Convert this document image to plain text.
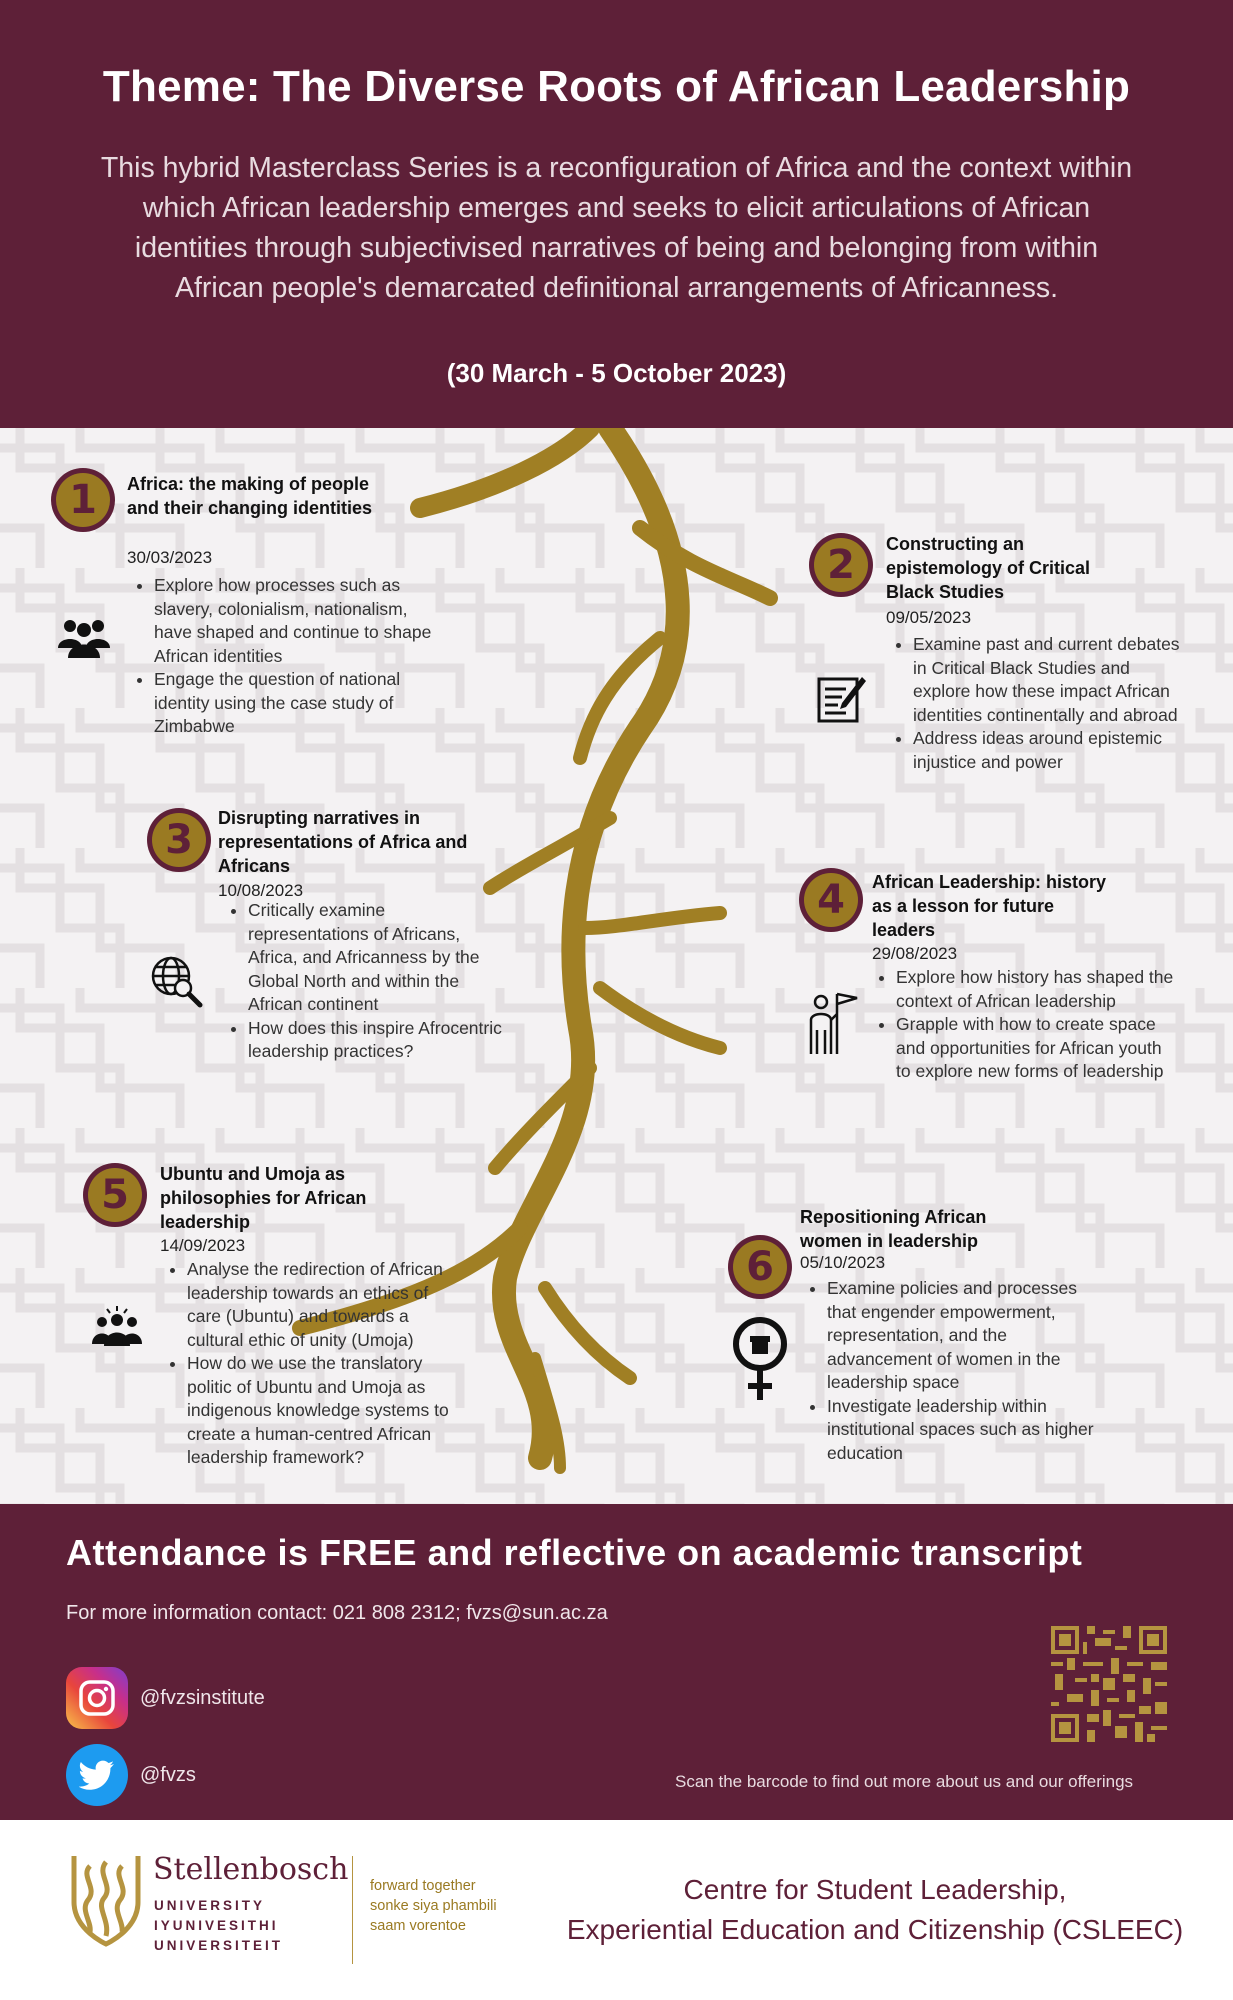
Theme: The Diverse Roots of African Leadership

This hybrid Masterclass Series is a reconfiguration of Africa and the context within which African leadership emerges and seeks to elicit articulations of African identities through subjectivised narratives of being and belonging from within African people's demarcated definitional arrangements of Africanness.

(30 March - 5 October 2023)

1	Africa: the making of people and their changing identities
30/03/2023
• Explore how processes such as slavery, colonialism, nationalism, have shaped and continue to shape African identities
• Engage the question of national identity using the case study of Zimbabwe
2	Constructing an epistemology of Critical Black Studies
09/05/2023
• Examine past and current debates in Critical Black Studies and explore how these impact African identities continentally and abroad
• Address ideas around epistemic injustice and power
3	Disrupting narratives in representations of Africa and Africans
10/08/2023
• Critically examine representations of Africans, Africa, and Africanness by the Global North and within the African continent
• How does this inspire Afrocentric leadership practices?
4	African Leadership: history as a lesson for future leaders
29/08/2023
• Explore how history has shaped the context of African leadership
• Grapple with how to create space and opportunities for African youth to explore new forms of leadership
5	Ubuntu and Umoja as philosophies for African leadership
14/09/2023
• Analyse the redirection of African leadership towards an ethics of care (Ubuntu) and towards a cultural ethic of unity (Umoja)
• How do we use the translatory politic of Ubuntu and Umoja as indigenous knowledge systems to create a human-centred African leadership framework?
6
Repositioning African women in leadership
05/10/2023
• Examine policies and processes that engender empowerment, representation, and the advancement of women in the leadership space
• Investigate leadership within institutional spaces such as higher education
Attendance is FREE and reflective on academic transcript
For more information contact: 021 808 2312; fvzs@sun.ac.za
@fvzsinstitute
@fvzs	Scan the barcode to find out more about us and our offerings
Stellenbosch
UNIVERSITY
IYUNIVESITHI
UNIVERSITEIT
forward together
sonke siya phambili
saam vorentoe
Centre for Student Leadership,
Experiential Education and Citizenship (CSLEEC)
